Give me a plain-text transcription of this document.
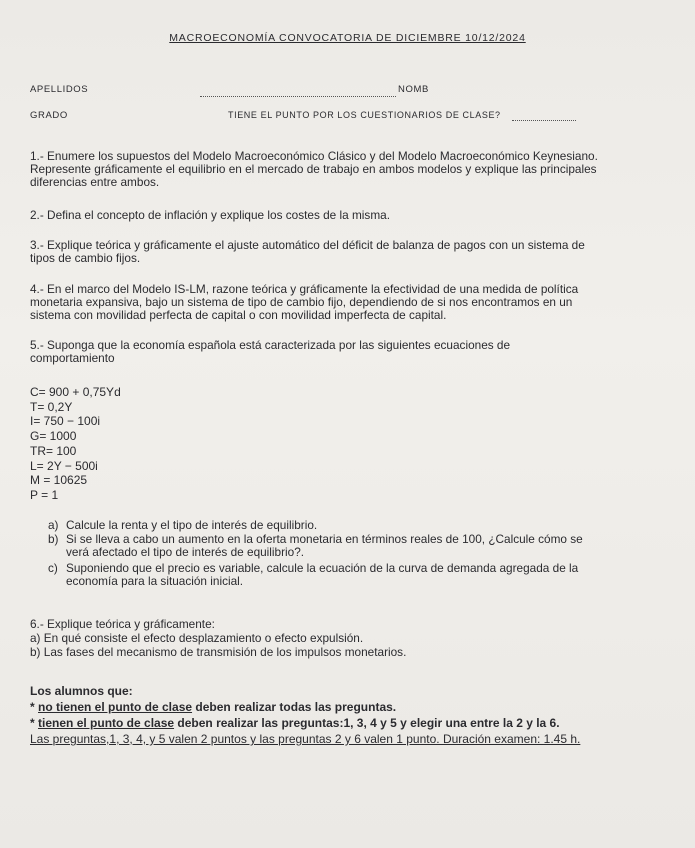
MACROECONOMÍA CONVOCATORIA DE DICIEMBRE 10/12/2024
APELLIDOS	NOMB
GRADO	TIENE EL PUNTO POR LOS CUESTIONARIOS DE CLASE?

1.- Enumere los supuestos del Modelo Macroeconómico Clásico y del Modelo Macroeconómico Keynesiano.

Represente gráficamente el equilibrio en el mercado de trabajo en ambos modelos y explique las principales

diferencias entre ambos.

2.- Defina el concepto de inflación y explique los costes de la misma.

3.- Explique teórica y gráficamente el ajuste automático del déficit de balanza de pagos con un sistema de

tipos de cambio fijos.

4.- En el marco del Modelo IS-LM, razone teórica y gráficamente la efectividad de una medida de política

monetaria expansiva, bajo un sistema de tipo de cambio fijo, dependiendo de si nos encontramos en un

sistema con movilidad perfecta de capital o con movilidad imperfecta de capital.

5.- Suponga que la economía española está caracterizada por las siguientes ecuaciones de

comportamiento

C= 900 + 0,75Yd
T= 0,2Y
I= 750 − 100i
G= 1000
TR= 100
L= 2Y − 500i
M = 10625
P = 1
a) Calcule la renta y el tipo de interés de equilibrio.
b) Si se lleva a cabo un aumento en la oferta monetaria en términos reales de 100, ¿Calcule cómo se
verá afectado el tipo de interés de equilibrio?.
c) Suponiendo que el precio es variable, calcule la ecuación de la curva de demanda agregada de la
economía para la situación inicial.

6.- Explique teórica y gráficamente:

a) En qué consiste el efecto desplazamiento o efecto expulsión.

b) Las fases del mecanismo de transmisión de los impulsos monetarios.

Los alumnos que:
* no tienen el punto de clase deben realizar todas las preguntas.
* tienen el punto de clase deben realizar las preguntas:1, 3, 4 y 5 y elegir una entre la 2 y la 6.
Las preguntas,1, 3, 4, y 5 valen 2 puntos y las preguntas 2 y 6 valen 1 punto. Duración examen: 1.45 h.
